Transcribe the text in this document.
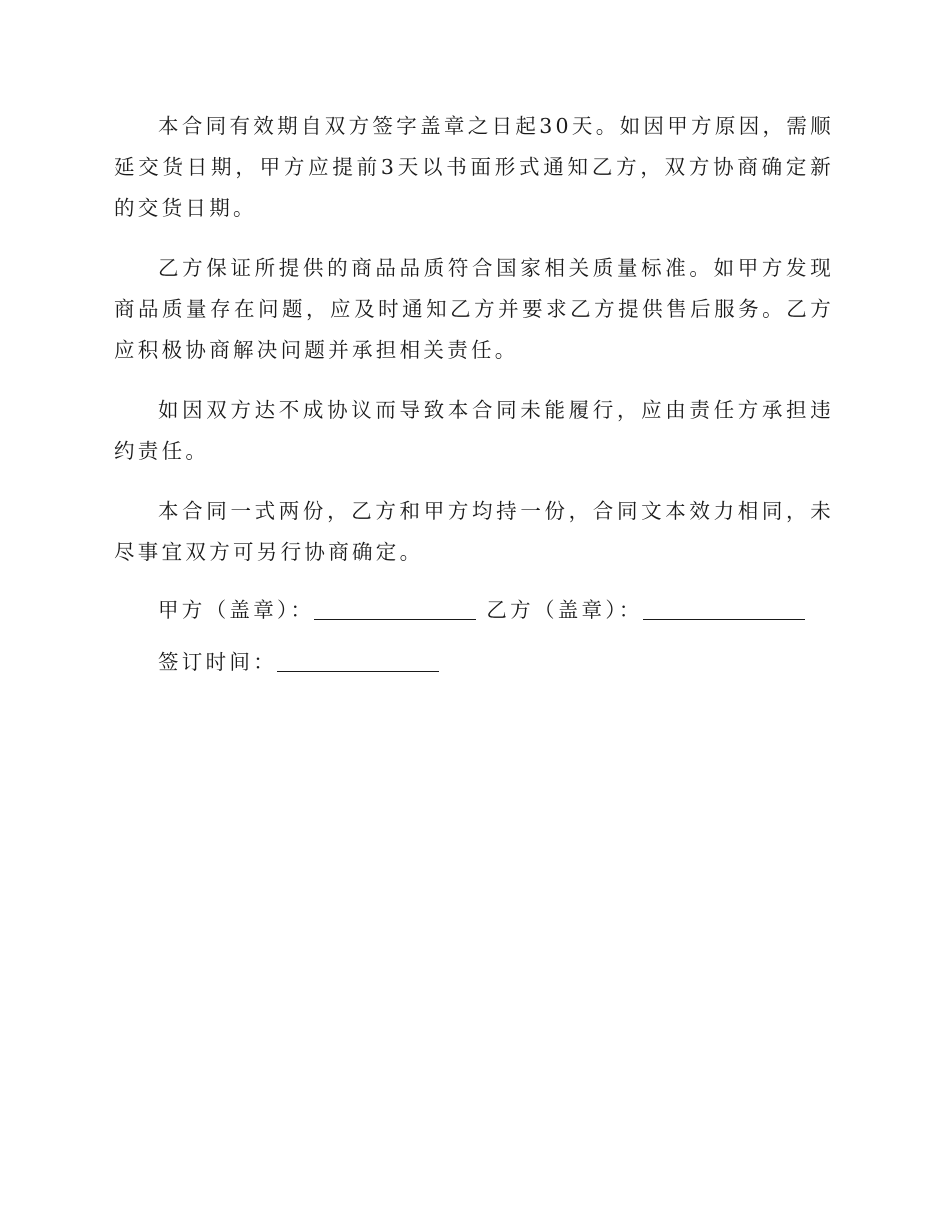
本合同有效期自双方签字盖章之日起30天。如因甲方原因，需顺延交货日期，甲方应提前3天以书面形式通知乙方，双方协商确定新的交货日期。

乙方保证所提供的商品品质符合国家相关质量标准。如甲方发现商品质量存在问题，应及时通知乙方并要求乙方提供售后服务。乙方应积极协商解决问题并承担相关责任。

如因双方达不成协议而导致本合同未能履行，应由责任方承担违约责任。

本合同一式两份，乙方和甲方均持一份，合同文本效力相同，未尽事宜双方可另行协商确定。

甲方（盖章）：	乙方（盖章）：
签订时间：
